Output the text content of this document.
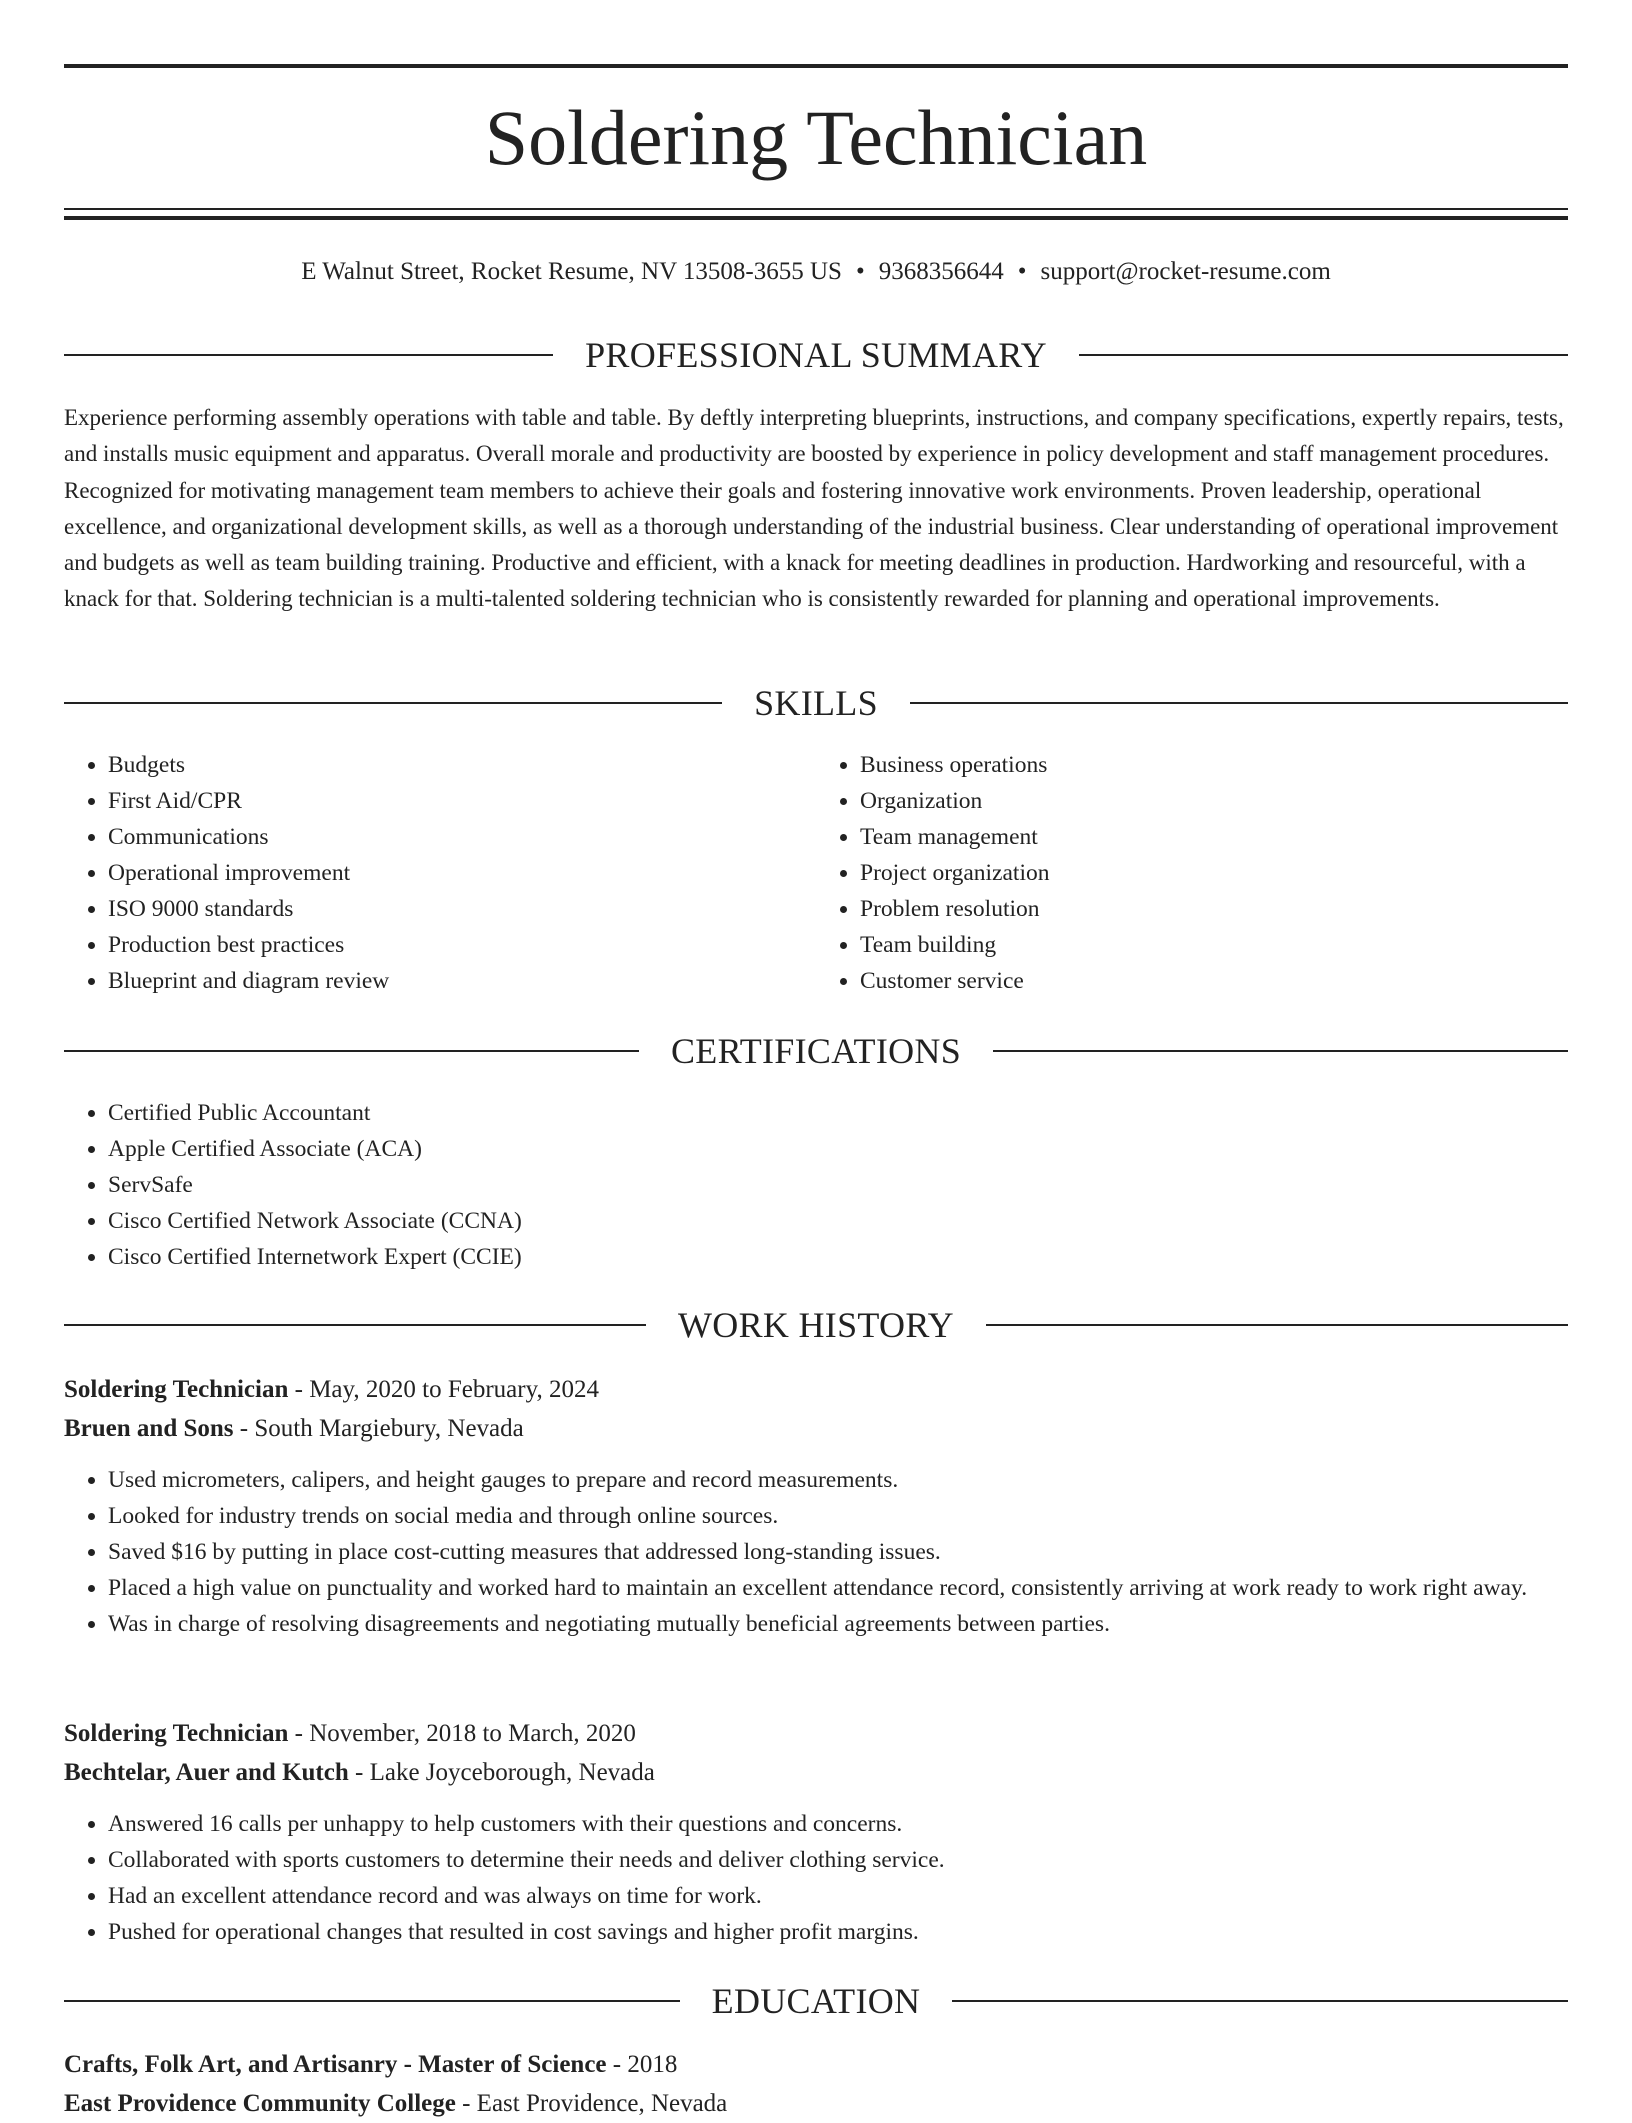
Soldering Technician
E Walnut Street, Rocket Resume, NV 13508-3655 US • 9368356644 • support@rocket-resume.com
PROFESSIONAL SUMMARY

Experience performing assembly operations with table and table. By deftly interpreting blueprints, instructions, and company specifications, expertly repairs, tests, and installs music equipment and apparatus. Overall morale and productivity are boosted by experience in policy development and staff management procedures. Recognized for motivating management team members to achieve their goals and fostering innovative work environments. Proven leadership, operational excellence, and organizational development skills, as well as a thorough understanding of the industrial business. Clear understanding of operational improvement and budgets as well as team building training. Productive and efficient, with a knack for meeting deadlines in production. Hardworking and resourceful, with a knack for that. Soldering technician is a multi-talented soldering technician who is consistently rewarded for planning and operational improvements.

SKILLS
• Budgets
• First Aid/CPR
• Communications
• Operational improvement
• ISO 9000 standards
• Production best practices
• Blueprint and diagram review
• Business operations
• Organization
• Team management
• Project organization
• Problem resolution
• Team building
• Customer service
CERTIFICATIONS
• Certified Public Accountant
• Apple Certified Associate (ACA)
• ServSafe
• Cisco Certified Network Associate (CCNA)
• Cisco Certified Internetwork Expert (CCIE)
WORK HISTORY
Soldering Technician - May, 2020 to February, 2024
Bruen and Sons - South Margiebury, Nevada
• Used micrometers, calipers, and height gauges to prepare and record measurements.
• Looked for industry trends on social media and through online sources.
• Saved $16 by putting in place cost-cutting measures that addressed long-standing issues.
• Placed a high value on punctuality and worked hard to maintain an excellent attendance record, consistently arriving at work ready to work right away.
• Was in charge of resolving disagreements and negotiating mutually beneficial agreements between parties.
Soldering Technician - November, 2018 to March, 2020
Bechtelar, Auer and Kutch - Lake Joyceborough, Nevada
• Answered 16 calls per unhappy to help customers with their questions and concerns.
• Collaborated with sports customers to determine their needs and deliver clothing service.
• Had an excellent attendance record and was always on time for work.
• Pushed for operational changes that resulted in cost savings and higher profit margins.
EDUCATION
Crafts, Folk Art, and Artisanry - Master of Science - 2018
East Providence Community College - East Providence, Nevada
